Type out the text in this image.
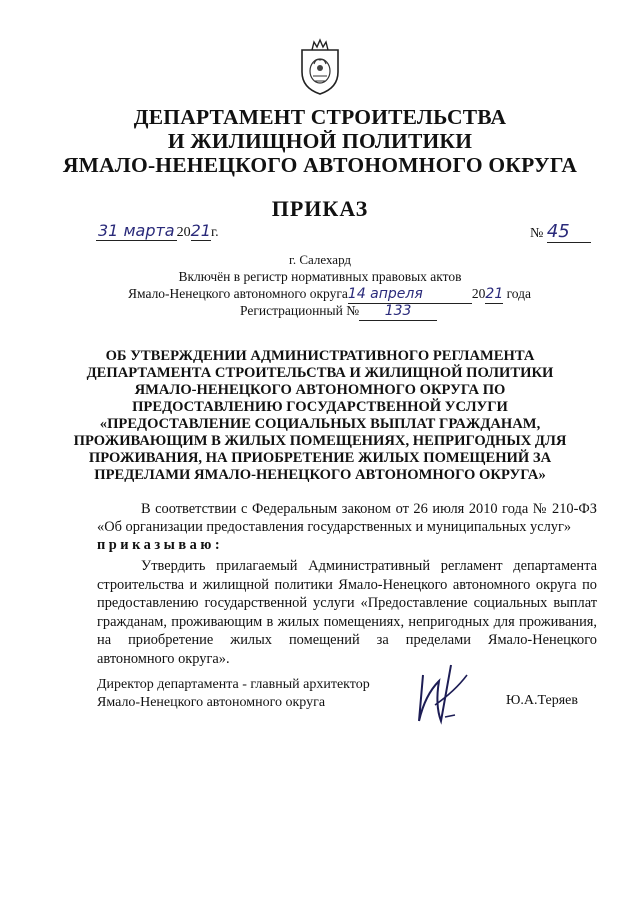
ДЕПАРТАМЕНТ СТРОИТЕЛЬСТВА
И ЖИЛИЩНОЙ ПОЛИТИКИ
ЯМАЛО-НЕНЕЦКОГО АВТОНОМНОГО ОКРУГА
ПРИКАЗ
31 марта 2021г.	№ 45
г. Салехард
Включён в регистр нормативных правовых актов
Ямало-Ненецкого автономного округа14 апреля	2021 года
Регистрационный № 133
ОБ УТВЕРЖДЕНИИ АДМИНИСТРАТИВНОГО РЕГЛАМЕНТА
ДЕПАРТАМЕНТА СТРОИТЕЛЬСТВА И ЖИЛИЩНОЙ ПОЛИТИКИ
ЯМАЛО-НЕНЕЦКОГО АВТОНОМНОГО ОКРУГА ПО
ПРЕДОСТАВЛЕНИЮ ГОСУДАРСТВЕННОЙ УСЛУГИ
«ПРЕДОСТАВЛЕНИЕ СОЦИАЛЬНЫХ ВЫПЛАТ ГРАЖДАНАМ,
ПРОЖИВАЮЩИМ В ЖИЛЫХ ПОМЕЩЕНИЯХ, НЕПРИГОДНЫХ ДЛЯ
ПРОЖИВАНИЯ, НА ПРИОБРЕТЕНИЕ ЖИЛЫХ ПОМЕЩЕНИЙ ЗА
ПРЕДЕЛАМИ ЯМАЛО-НЕНЕЦКОГО АВТОНОМНОГО ОКРУГА»
В соответствии с Федеральным законом от 26 июля 2010 года № 210-ФЗ «Об организации предоставления государственных и муниципальных услуг»
приказываю:
Утвердить прилагаемый Административный регламент департамента строительства и жилищной политики Ямало-Ненецкого автономного округа по предоставлению государственной услуги «Предоставление социальных выплат гражданам, проживающим в жилых помещениях, непригодных для проживания, на приобретение жилых помещений за пределами Ямало-Ненецкого автономного округа».
Директор департамента - главный архитектор
Ямало-Ненецкого автономного округа	Ю.А.Теряев
